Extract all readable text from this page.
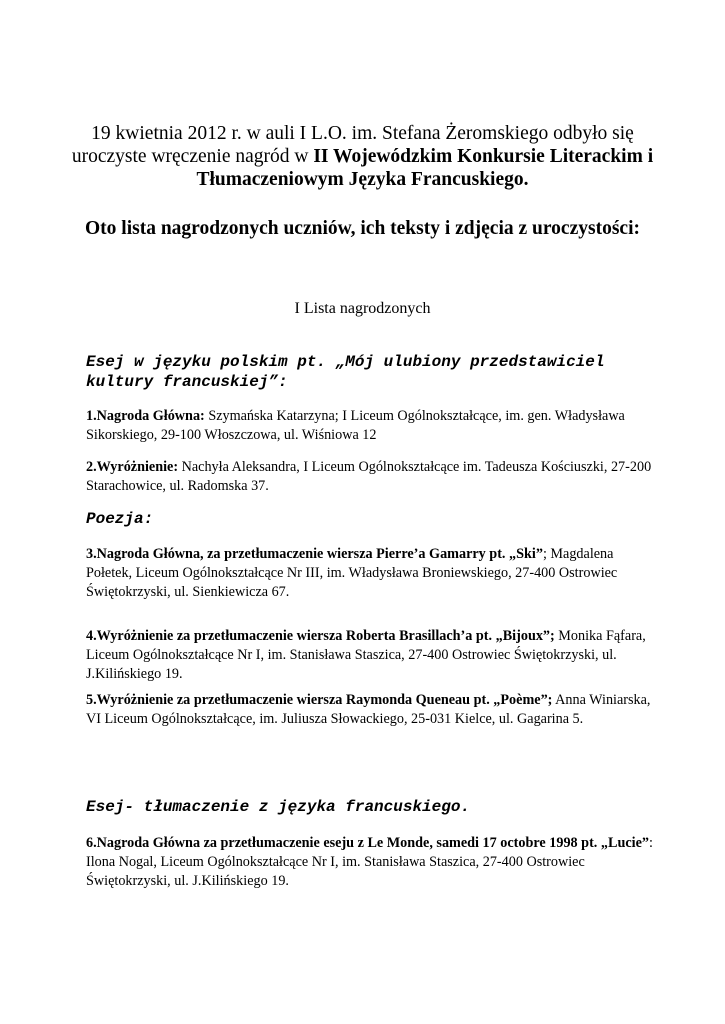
19 kwietnia 2012 r. w auli I L.O. im. Stefana Żeromskiego odbyło się uroczyste wręczenie nagród w II Wojewódzkim Konkursie Literackim i Tłumaczeniowym Języka Francuskiego.
Oto lista nagrodzonych uczniów, ich teksty i zdjęcia z uroczystości:
I Lista nagrodzonych
Esej w języku polskim pt. „Mój ulubiony przedstawiciel kultury francuskiej”:
1.Nagroda Główna: Szymańska Katarzyna; I Liceum Ogólnokształcące, im. gen. Władysława Sikorskiego, 29-100 Włoszczowa, ul. Wiśniowa 12
2.Wyróżnienie: Nachyła Aleksandra, I Liceum Ogólnokształcące im. Tadeusza Kościuszki, 27-200 Starachowice, ul. Radomska 37.
Poezja:
3.Nagroda Główna, za przetłumaczenie wiersza Pierre’a Gamarry pt. „Ski”; Magdalena Połetek, Liceum Ogólnokształcące Nr III, im. Władysława Broniewskiego, 27-400 Ostrowiec Świętokrzyski, ul. Sienkiewicza 67.
4.Wyróżnienie za przetłumaczenie wiersza Roberta Brasillach’a pt. „Bijoux”; Monika Fąfara, Liceum Ogólnokształcące Nr I, im. Stanisława Staszica, 27-400 Ostrowiec Świętokrzyski, ul. J.Kilińskiego 19.
5.Wyróżnienie za przetłumaczenie wiersza Raymonda Queneau pt. „Poème”; Anna Winiarska, VI Liceum Ogólnokształcące, im. Juliusza Słowackiego, 25-031 Kielce, ul. Gagarina 5.
Esej- tłumaczenie z języka francuskiego.
6.Nagroda Główna za przetłumaczenie eseju z Le Monde, samedi 17 octobre 1998 pt. „Lucie”: Ilona Nogal, Liceum Ogólnokształcące Nr I, im. Stanisława Staszica, 27-400 Ostrowiec Świętokrzyski, ul. J.Kilińskiego 19.
